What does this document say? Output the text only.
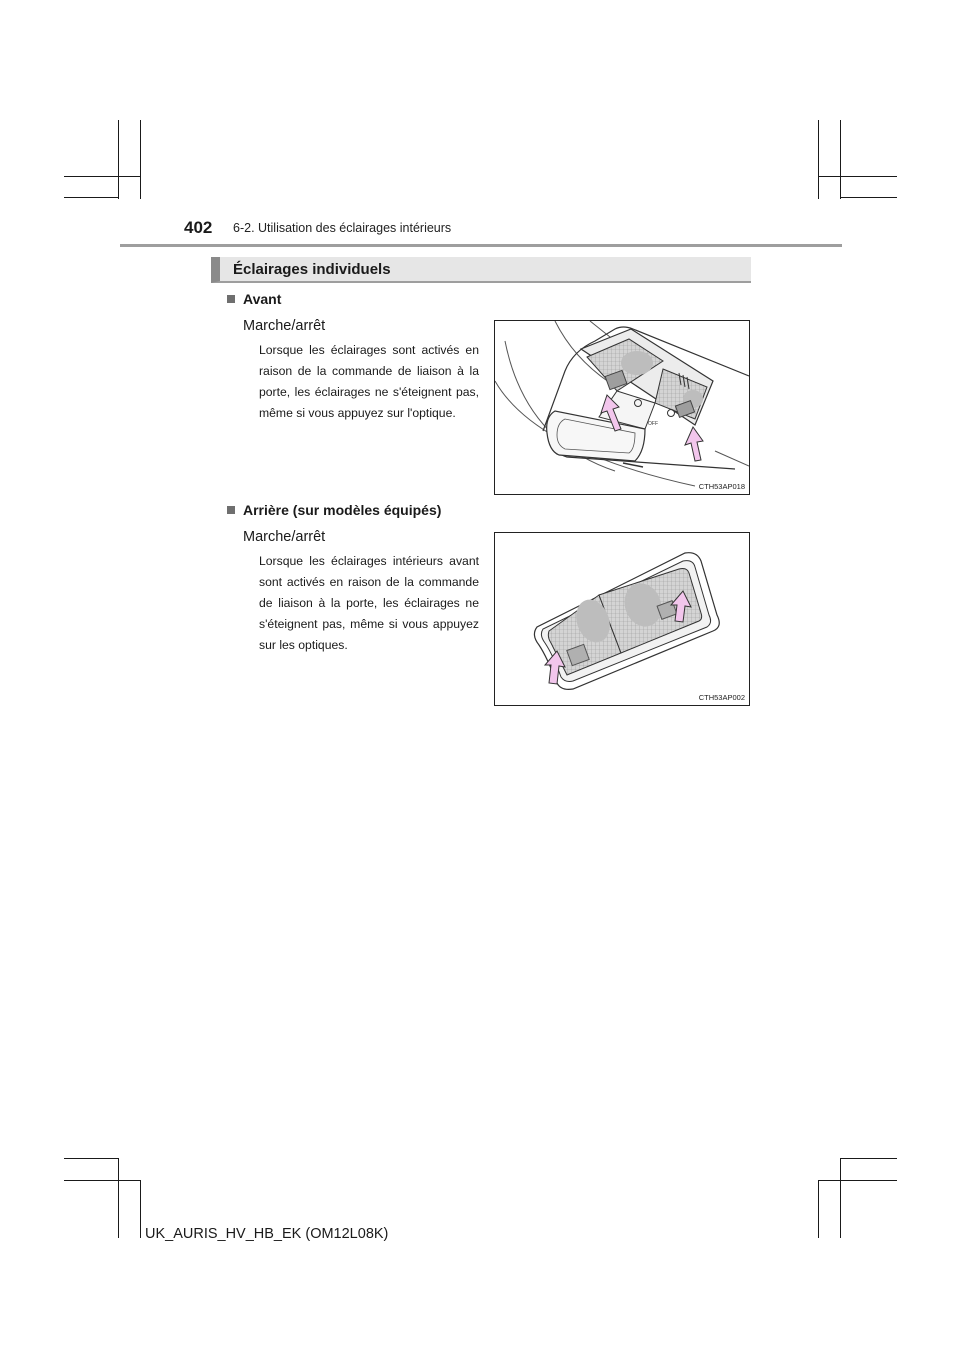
402 6-2. Utilisation des éclairages intérieurs
Éclairages individuels
Avant
Marche/arrêt
Lorsque les éclairages sont activés en raison de la commande de liaison à la porte, les éclairages ne s'éteignent pas, même si vous appuyez sur l'optique.
OFF
CTH53AP018
Arrière (sur modèles équipés)
Marche/arrêt
Lorsque les éclairages intérieurs avant sont activés en raison de la commande de liaison à la porte, les éclairages ne s'éteignent pas, même si vous appuyez sur les optiques.
CTH53AP002
UK_AURIS_HV_HB_EK (OM12L08K)
